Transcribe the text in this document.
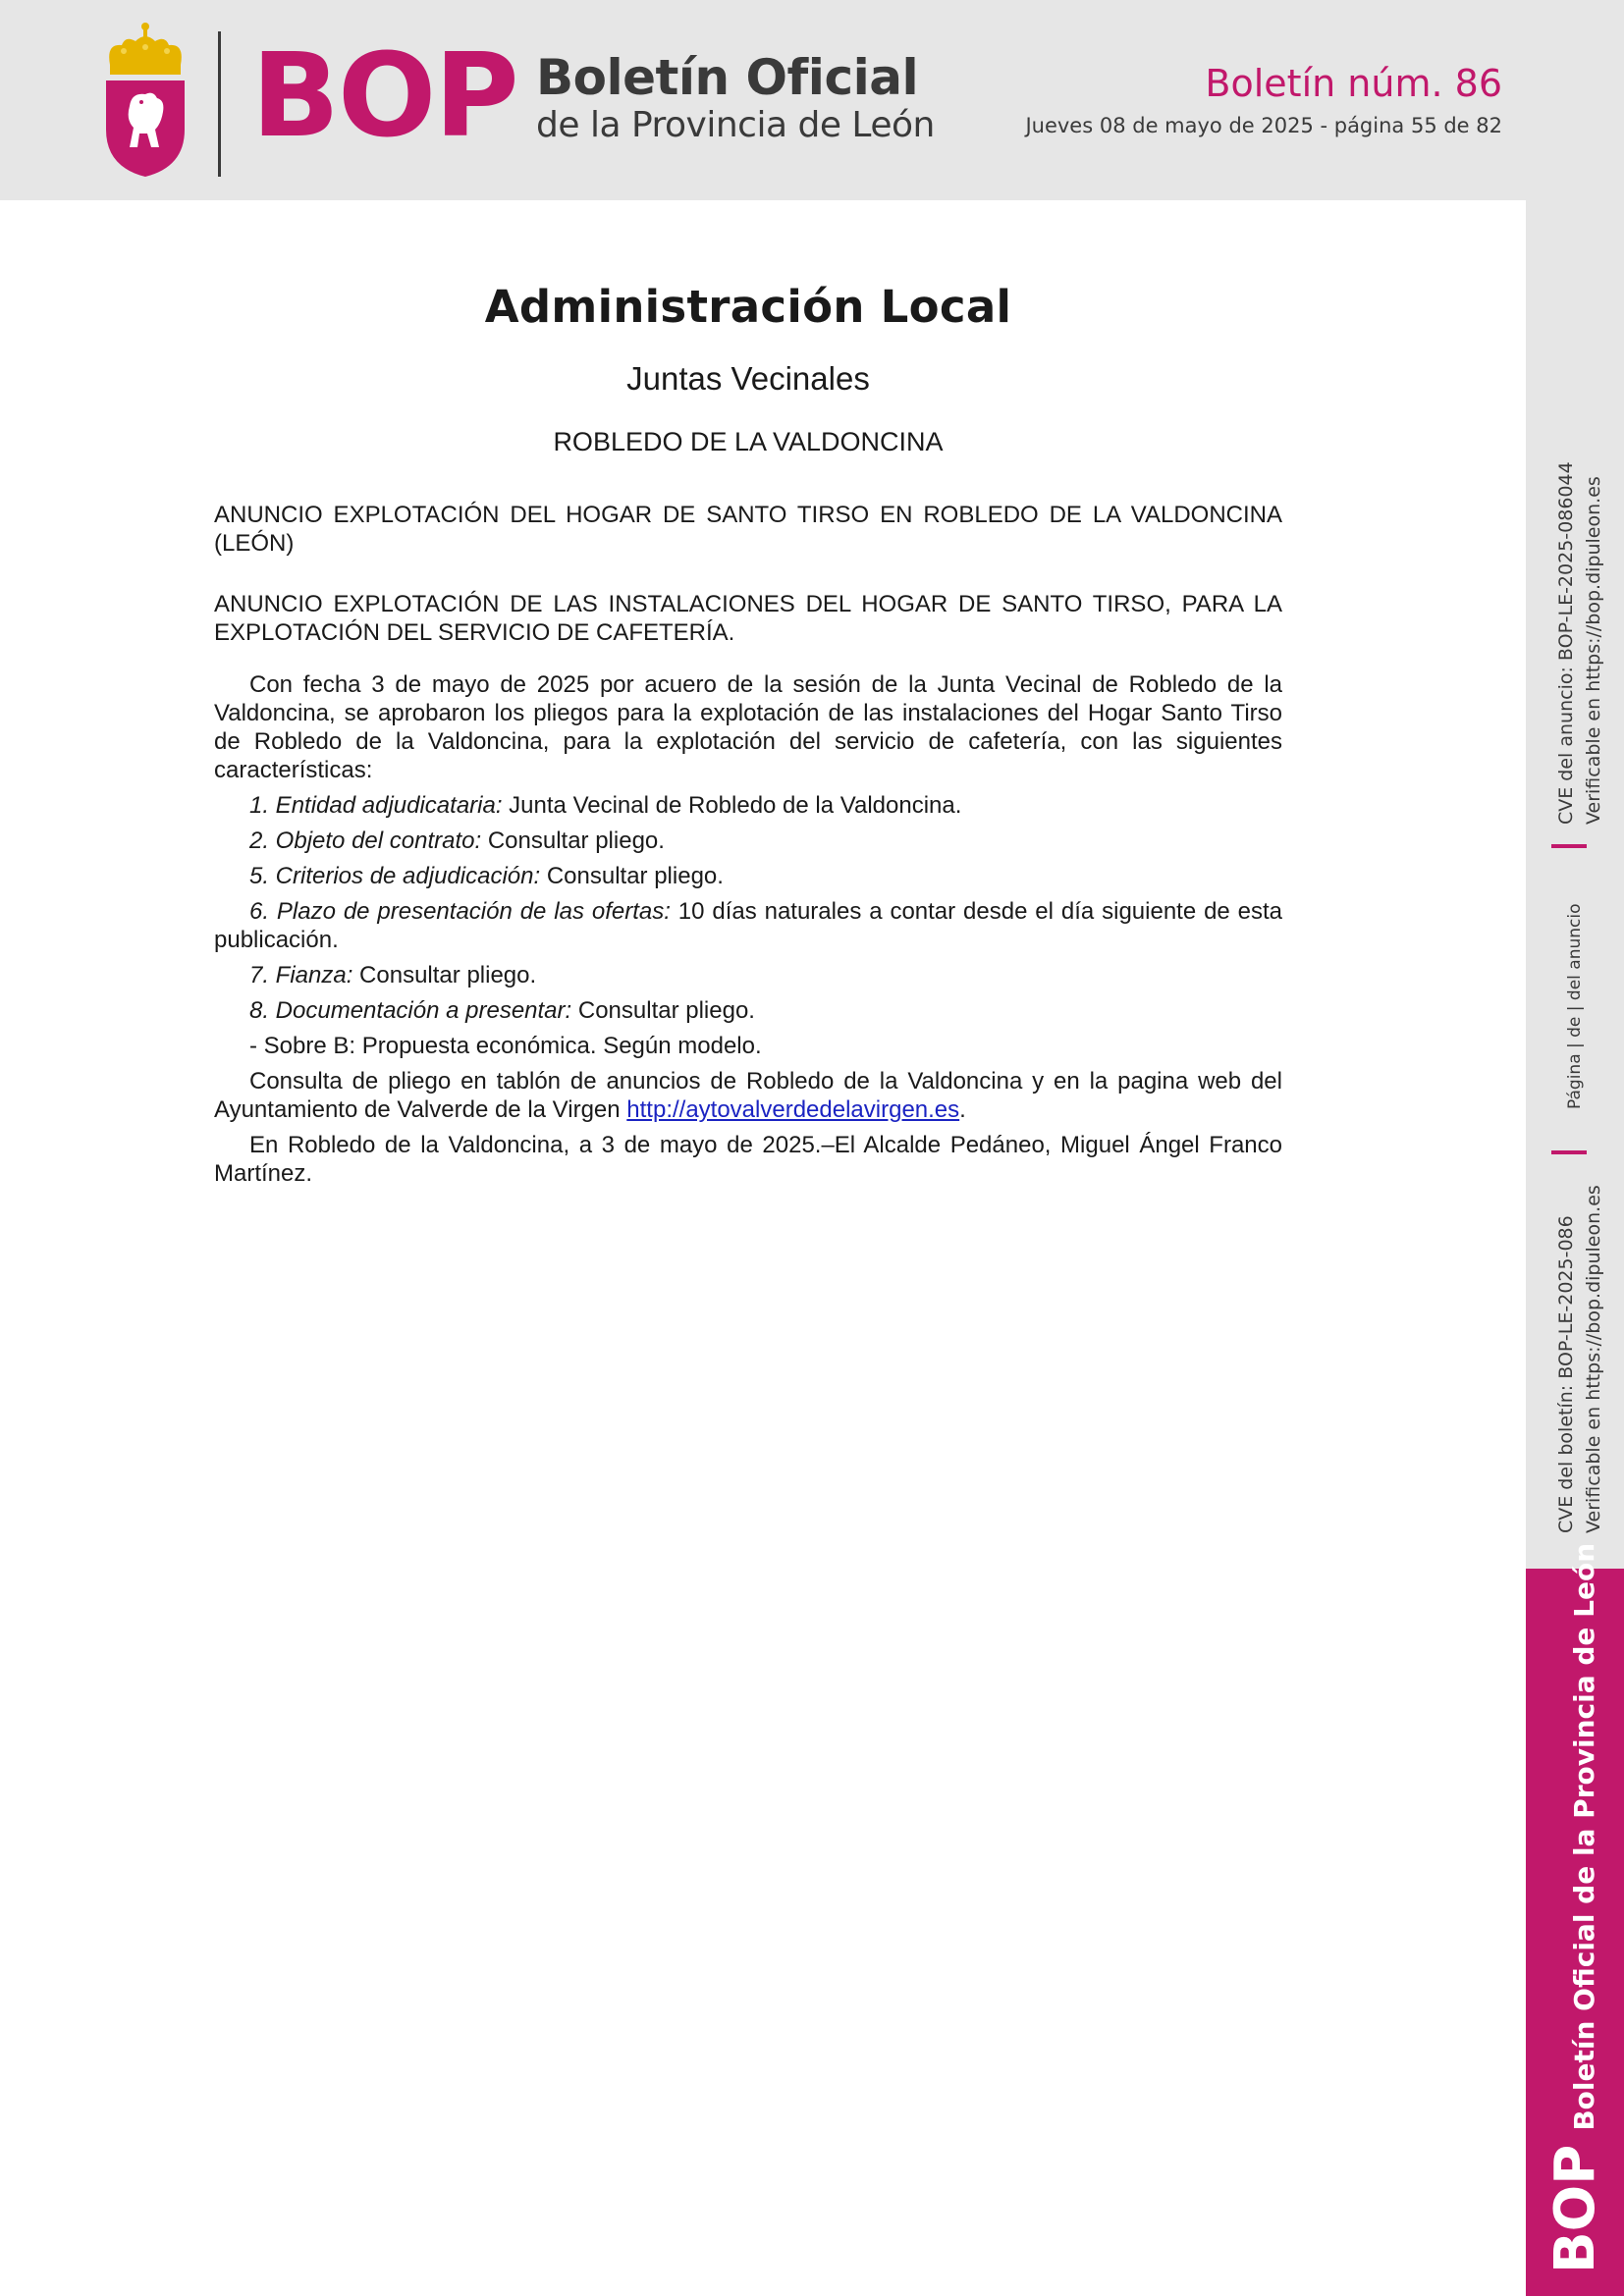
BOP Boletín Oficial
de la Provincia de León
Boletín núm. 86
Jueves 08 de mayo de 2025 - página 55 de 82
CVE del anuncio: BOP-LE-2025-086044 Verificable en https://bop.dipuleon.es
Página | de | del anuncio
CVE del boletín: BOP-LE-2025-086 Verificable en https://bop.dipuleon.es
BOPBoletín Oficial de la Provincia de León
Administración Local
Juntas Vecinales
ROBLEDO DE LA VALDONCINA

ANUNCIO EXPLOTACIÓN DEL HOGAR DE SANTO TIRSO EN ROBLEDO DE LA VALDONCINA (LEÓN)

ANUNCIO EXPLOTACIÓN DE LAS INSTALACIONES DEL HOGAR DE SANTO TIRSO, PARA LA EXPLOTACIÓN DEL SERVICIO DE CAFETERÍA.

Con fecha 3 de mayo de 2025 por acuero de la sesión de la Junta Vecinal de Robledo de la Valdoncina, se aprobaron los pliegos para la explotación de las instalaciones del Hogar Santo Tirso de Robledo de la Valdoncina, para la explotación del servicio de cafetería, con las siguientes características:

1. Entidad adjudicataria: Junta Vecinal de Robledo de la Valdoncina.

2. Objeto del contrato: Consultar pliego.

5. Criterios de adjudicación: Consultar pliego.

6. Plazo de presentación de las ofertas: 10 días naturales a contar desde el día siguiente de esta publicación.

7. Fianza: Consultar pliego.

8. Documentación a presentar: Consultar pliego.

- Sobre B: Propuesta económica. Según modelo.

Consulta de pliego en tablón de anuncios de Robledo de la Valdoncina y en la pagina web del Ayuntamiento de Valverde de la Virgen http://aytovalverdedelavirgen.es.

En Robledo de la Valdoncina, a 3 de mayo de 2025.–El Alcalde Pedáneo, Miguel Ángel Franco Martínez.
